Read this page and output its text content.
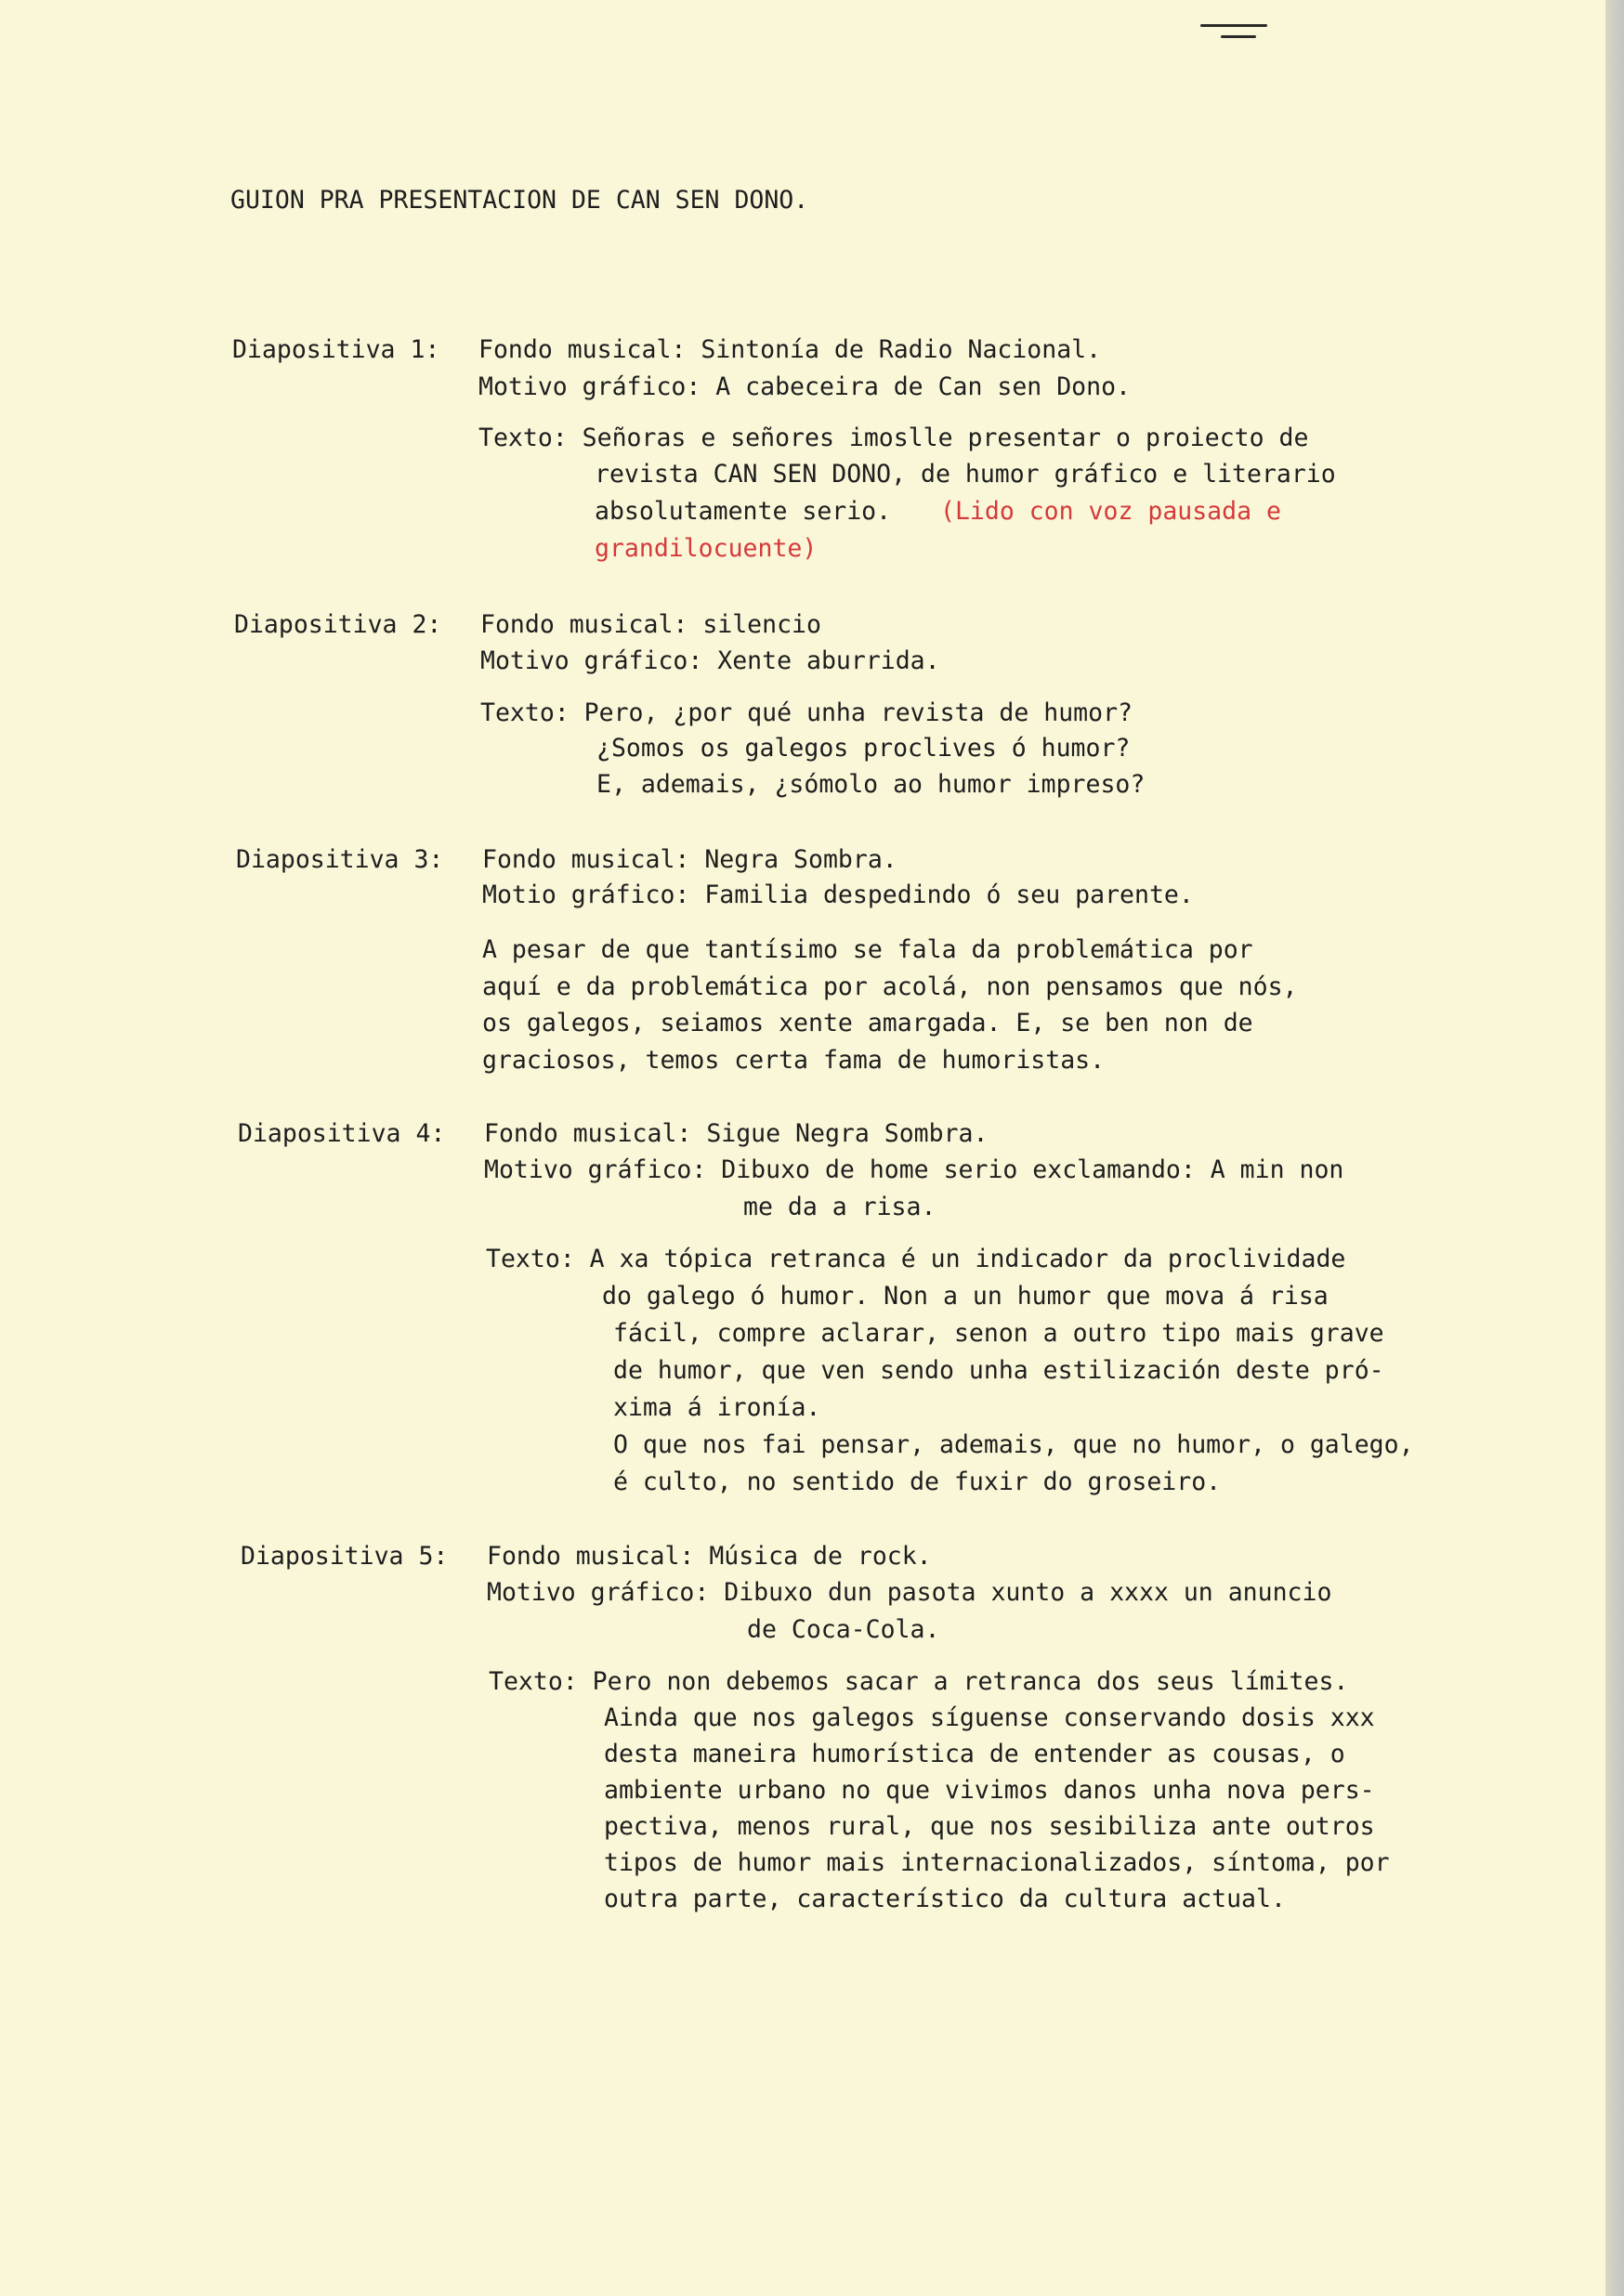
GUION PRA PRESENTACION DE CAN SEN DONO.
Diapositiva 1: Fondo musical: Sintonía de Radio Nacional.
Motivo gráfico: A cabeceira de Can sen Dono.
Texto: Señoras e señores imoslle presentar o proiecto de
revista CAN SEN DONO, de humor gráfico e literario
absolutamente serio. (Lido con voz pausada e
grandilocuente)
Diapositiva 2: Fondo musical: silencio
Motivo gráfico: Xente aburrida.
Texto: Pero, ¿por qué unha revista de humor?
¿Somos os galegos proclives ó humor?
E, ademais, ¿sómolo ao humor impreso?
Diapositiva 3: Fondo musical: Negra Sombra.
Motio gráfico: Familia despedindo ó seu parente.
A pesar de que tantísimo se fala da problemática por
aquí e da problemática por acolá, non pensamos que nós,
os galegos, seiamos xente amargada. E, se ben non de
graciosos, temos certa fama de humoristas.
Diapositiva 4: Fondo musical: Sigue Negra Sombra.
Motivo gráfico: Dibuxo de home serio exclamando: A min non
me da a risa.
Texto: A xa tópica retranca é un indicador da proclividade
do galego ó humor. Non a un humor que mova á risa
fácil, compre aclarar, senon a outro tipo mais grave
de humor, que ven sendo unha estilización deste pró-
xima á ironía.
O que nos fai pensar, ademais, que no humor, o galego,
é culto, no sentido de fuxir do groseiro.
Diapositiva 5: Fondo musical: Música de rock.
Motivo gráfico: Dibuxo dun pasota xunto a xxxx un anuncio
de Coca-Cola.
Texto: Pero non debemos sacar a retranca dos seus límites.
Ainda que nos galegos síguense conservando dosis xxx
desta maneira humorística de entender as cousas, o
ambiente urbano no que vivimos danos unha nova pers-
pectiva, menos rural, que nos sesibiliza ante outros
tipos de humor mais internacionalizados, síntoma, por
outra parte, característico da cultura actual.
